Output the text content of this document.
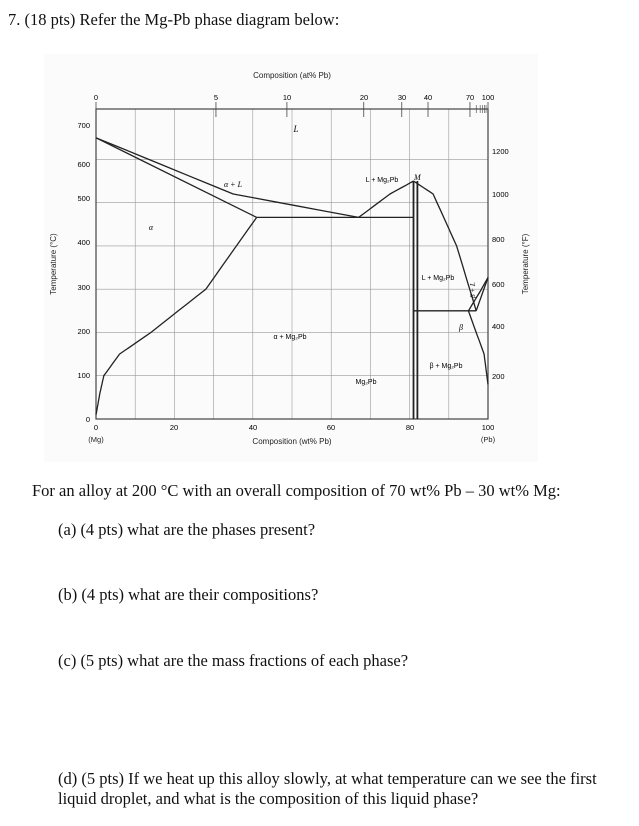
7. (18 pts) Refer the Mg-Pb phase diagram below:
Composition (at% Pb)
Composition (wt% Pb)
(Mg)	(Pb)
Temperature (°C)	Temperature (°F)
0
100
200
300
400
500
600
700
200
400
600
800
1000
1200
0	5	10	20	30 40	70 100
0	20	40	60	80	100
L
α + L
α
L + Mg₂Pb M
α + Mg₂Pb
Mg₂Pb
L + Mg₂Pb
β + L
β
β + Mg₂Pb
For an alloy at 200 °C with an overall composition of 70 wt% Pb – 30 wt% Mg:
(a) (4 pts) what are the phases present?
(b) (4 pts) what are their compositions?
(c) (5 pts) what are the mass fractions of each phase?
(d) (5 pts) If we heat up this alloy slowly, at what temperature can we see the first liquid droplet, and what is the composition of this liquid phase?
